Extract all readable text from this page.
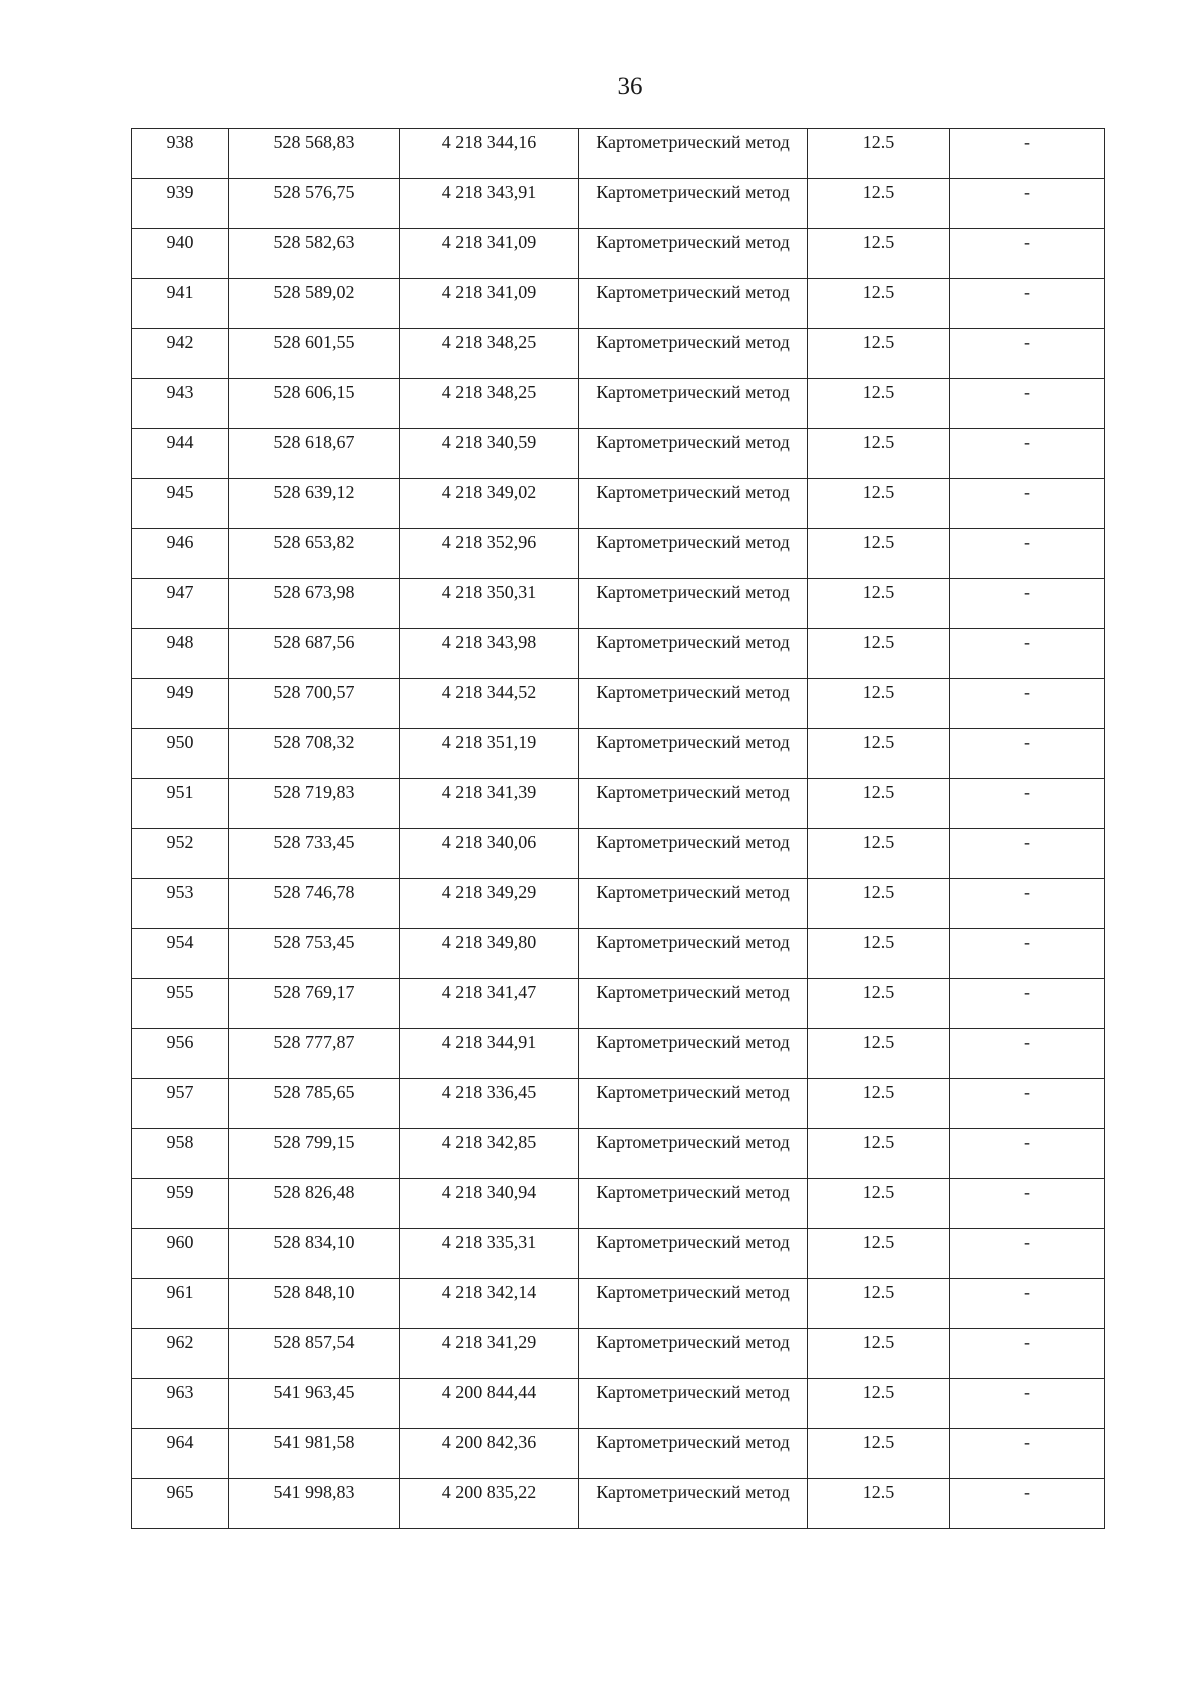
36
938	528 568,83	4 218 344,16	Картометрический метод	12.5	-
939	528 576,75	4 218 343,91	Картометрический метод	12.5	-
940	528 582,63	4 218 341,09	Картометрический метод	12.5	-
941	528 589,02	4 218 341,09	Картометрический метод	12.5	-
942	528 601,55	4 218 348,25	Картометрический метод	12.5	-
943	528 606,15	4 218 348,25	Картометрический метод	12.5	-
944	528 618,67	4 218 340,59	Картометрический метод	12.5	-
945	528 639,12	4 218 349,02	Картометрический метод	12.5	-
946	528 653,82	4 218 352,96	Картометрический метод	12.5	-
947	528 673,98	4 218 350,31	Картометрический метод	12.5	-
948	528 687,56	4 218 343,98	Картометрический метод	12.5	-
949	528 700,57	4 218 344,52	Картометрический метод	12.5	-
950	528 708,32	4 218 351,19	Картометрический метод	12.5	-
951	528 719,83	4 218 341,39	Картометрический метод	12.5	-
952	528 733,45	4 218 340,06	Картометрический метод	12.5	-
953	528 746,78	4 218 349,29	Картометрический метод	12.5	-
954	528 753,45	4 218 349,80	Картометрический метод	12.5	-
955	528 769,17	4 218 341,47	Картометрический метод	12.5	-
956	528 777,87	4 218 344,91	Картометрический метод	12.5	-
957	528 785,65	4 218 336,45	Картометрический метод	12.5	-
958	528 799,15	4 218 342,85	Картометрический метод	12.5	-
959	528 826,48	4 218 340,94	Картометрический метод	12.5	-
960	528 834,10	4 218 335,31	Картометрический метод	12.5	-
961	528 848,10	4 218 342,14	Картометрический метод	12.5	-
962	528 857,54	4 218 341,29	Картометрический метод	12.5	-
963	541 963,45	4 200 844,44	Картометрический метод	12.5	-
964	541 981,58	4 200 842,36	Картометрический метод	12.5	-
965	541 998,83	4 200 835,22	Картометрический метод	12.5	-
